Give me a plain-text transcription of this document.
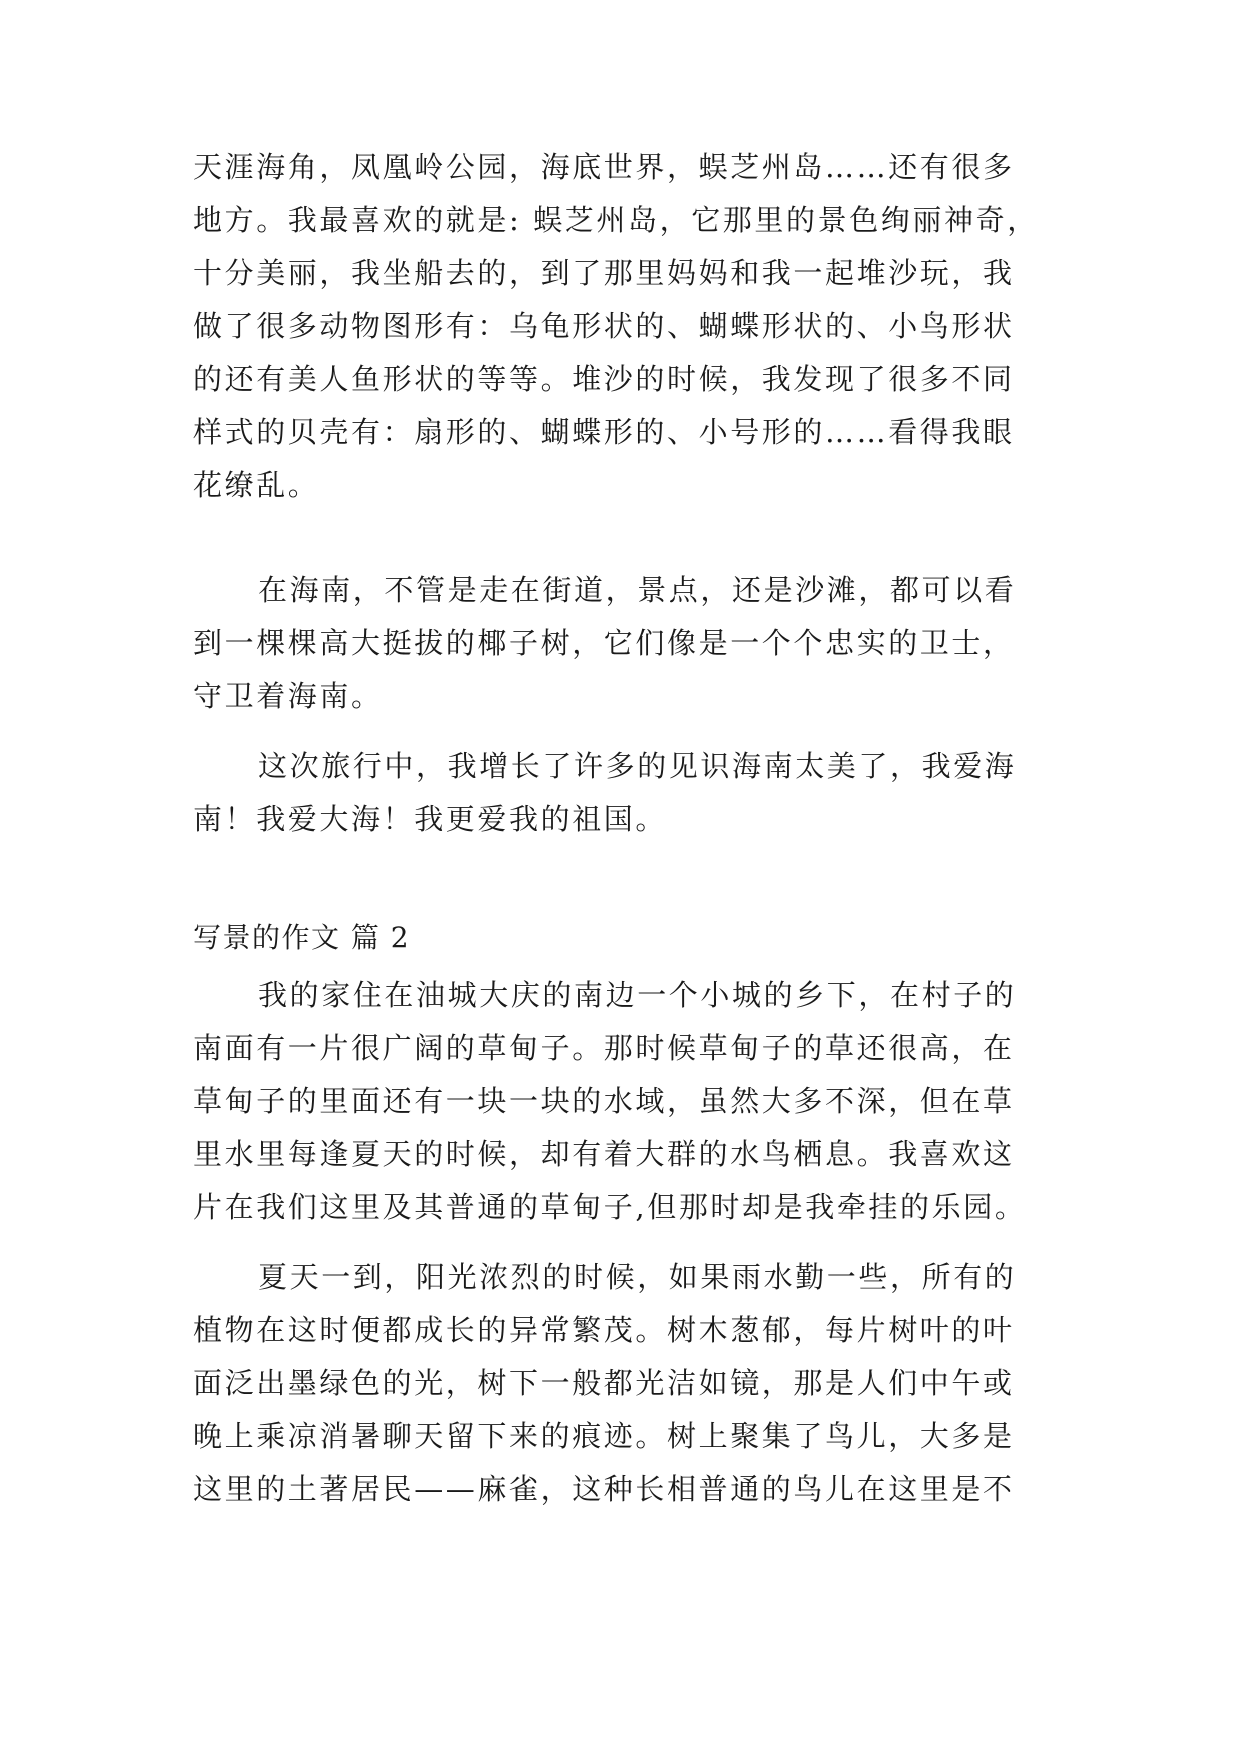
天涯海角，凤凰岭公园，海底世界，蜈芝州岛……还有很多
地方。我最喜欢的就是: 蜈芝州岛，它那里的景色绚丽神奇，
十分美丽，我坐船去的，到了那里妈妈和我一起堆沙玩，我
做了很多动物图形有：乌龟形状的、蝴蝶形状的、小鸟形状
的还有美人鱼形状的等等。堆沙的时候，我发现了很多不同
样式的贝壳有：扇形的、蝴蝶形的、小号形的……看得我眼
花缭乱。
在海南，不管是走在街道，景点，还是沙滩，都可以看
到一棵棵高大挺拔的椰子树，它们像是一个个忠实的卫士，
守卫着海南。
这次旅行中，我增长了许多的见识海南太美了，我爱海
南！我爱大海！我更爱我的祖国。
写景的作文 篇 2
我的家住在油城大庆的南边一个小城的乡下，在村子的
南面有一片很广阔的草甸子。那时候草甸子的草还很高，在
草甸子的里面还有一块一块的水域，虽然大多不深，但在草
里水里每逢夏天的时候，却有着大群的水鸟栖息。我喜欢这
片在我们这里及其普通的草甸子,但那时却是我牵挂的乐园。
夏天一到，阳光浓烈的时候，如果雨水勤一些，所有的
植物在这时便都成长的异常繁茂。树木葱郁，每片树叶的叶
面泛出墨绿色的光，树下一般都光洁如镜，那是人们中午或
晚上乘凉消暑聊天留下来的痕迹。树上聚集了鸟儿，大多是
这里的土著居民——麻雀，这种长相普通的鸟儿在这里是不
